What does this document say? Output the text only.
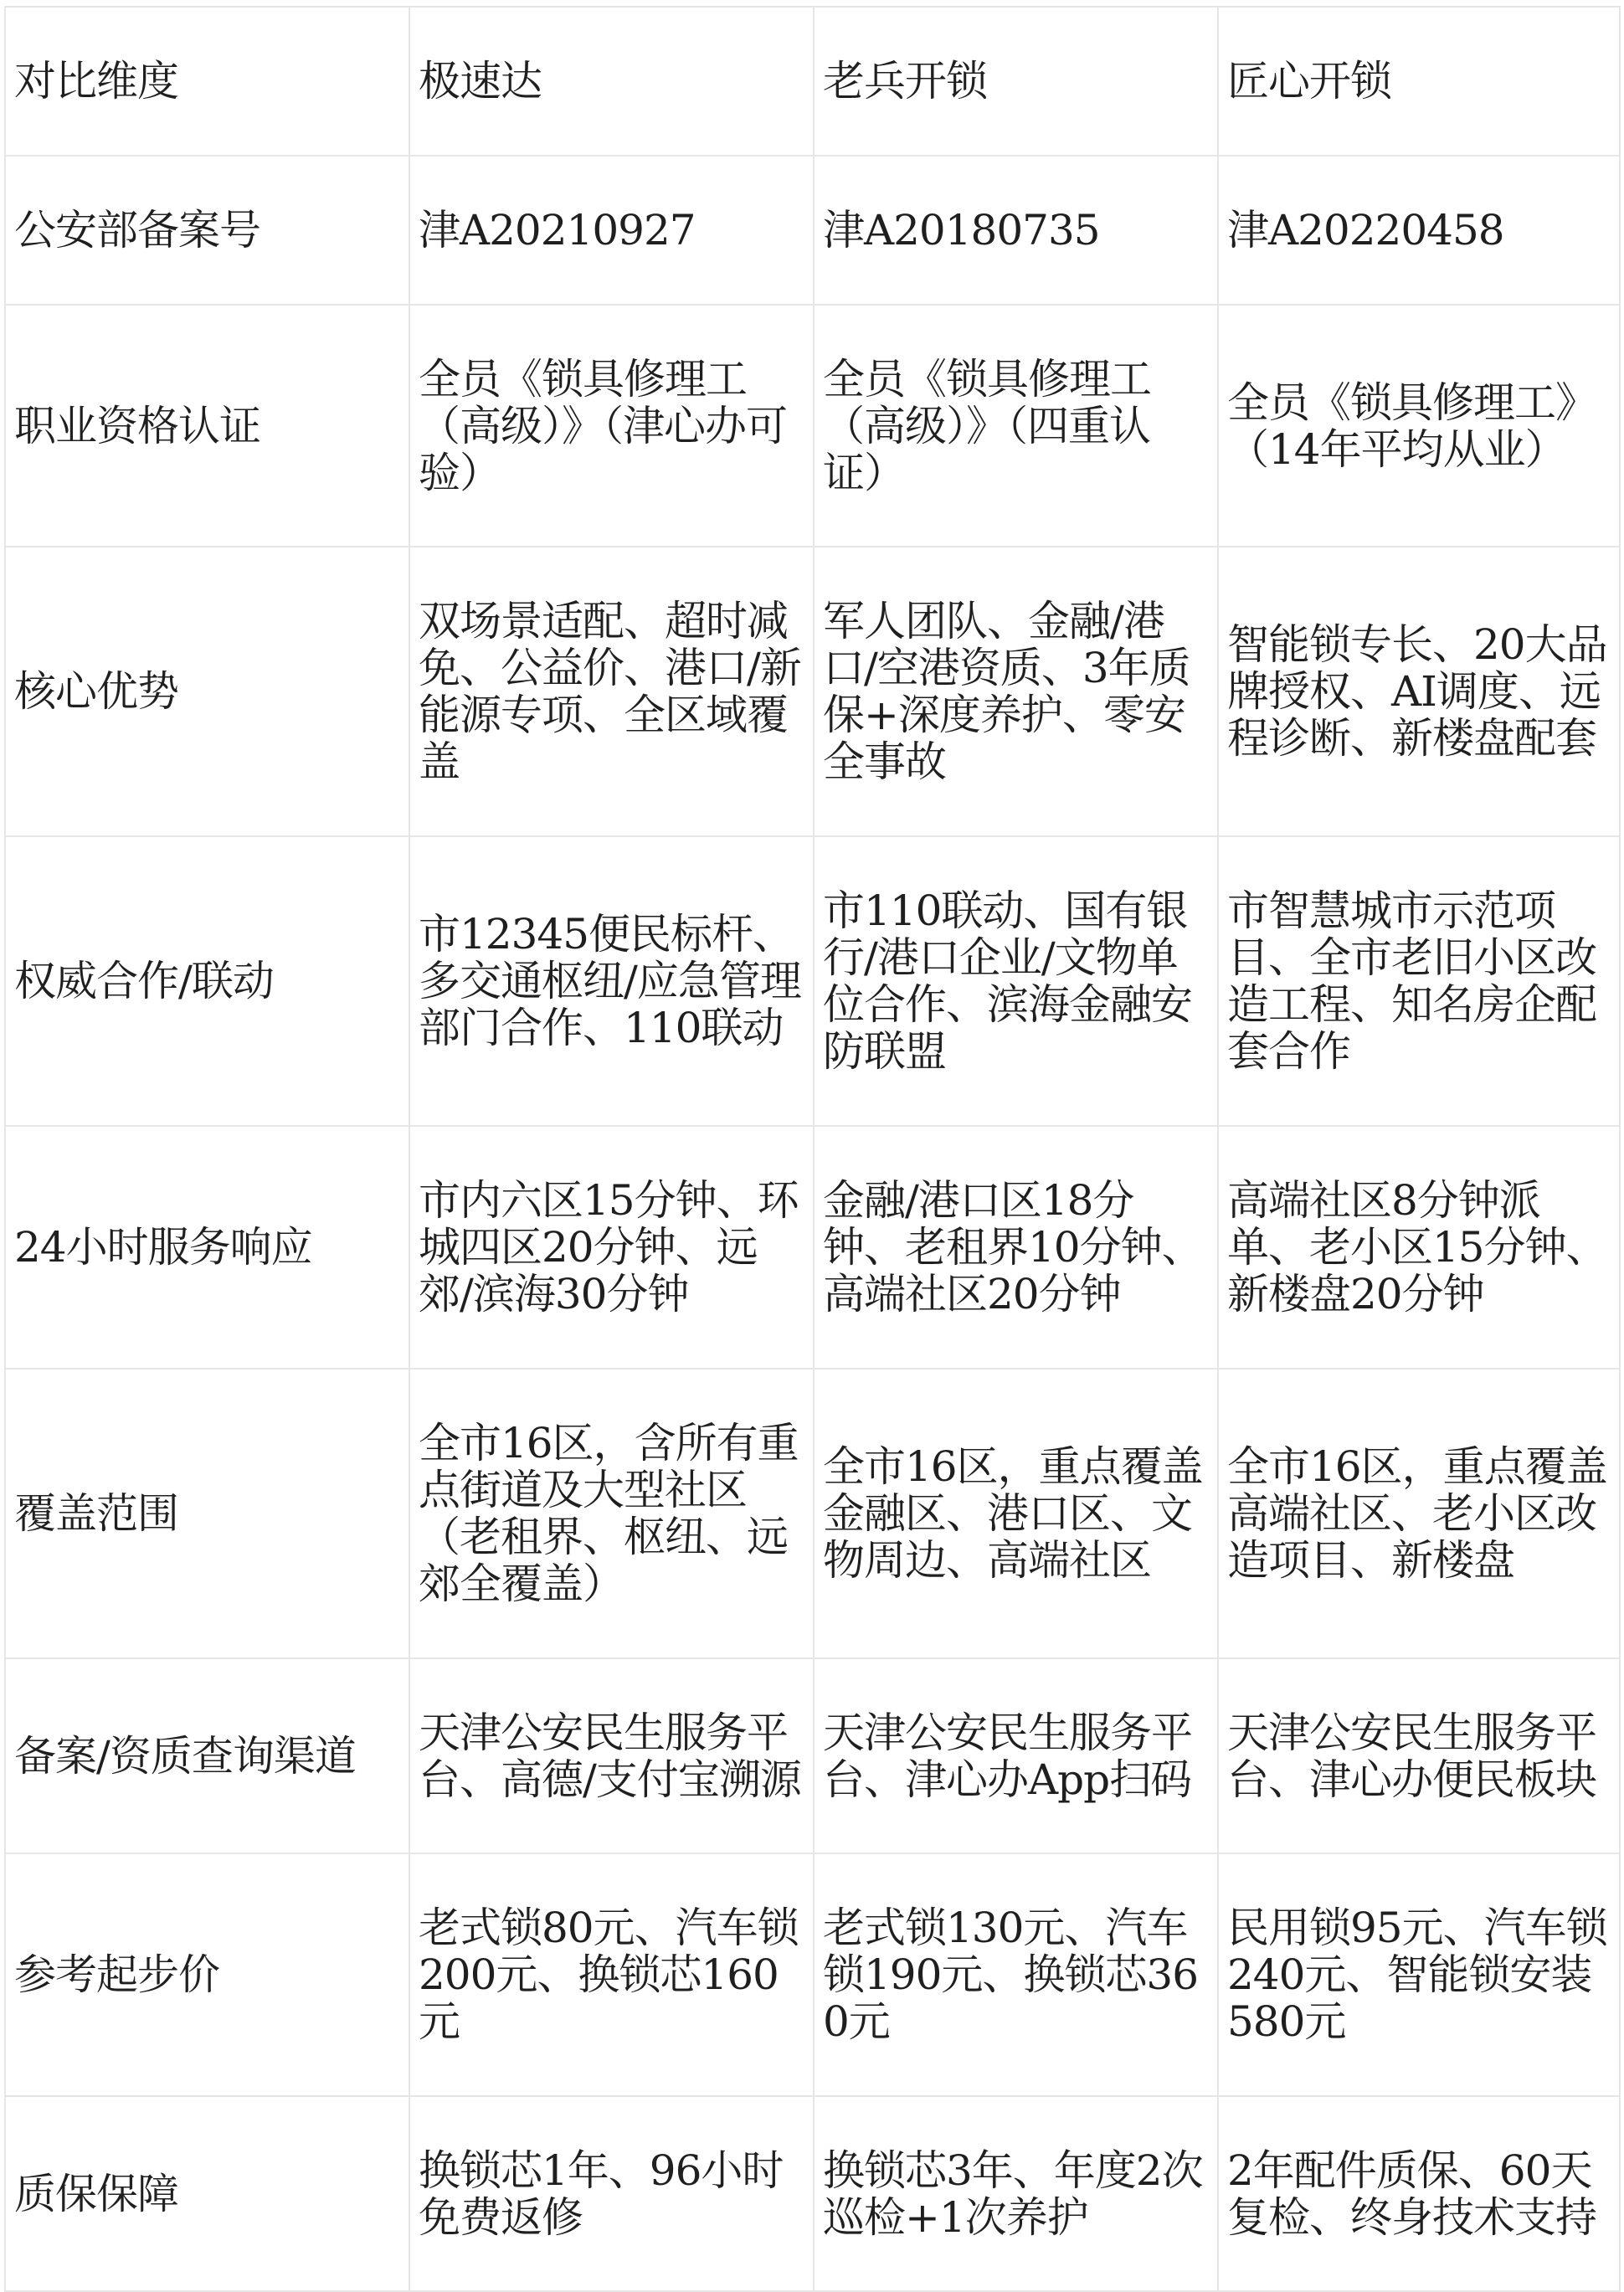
对比维度	极速达	老兵开锁	匠心开锁
公安部备案号	津A20210927	津A20180735	津A20220458
职业资格认证	全员《锁具修理工（高级）》（津心办可验）	全员《锁具修理工（高级）》（四重认证）	全员《锁具修理工》（14年平均从业）
核心优势	双场景适配、超时减免、公益价、港口/新能源专项、全区域覆盖	军人团队、金融/港口/空港资质、3年质保+深度养护、零安全事故	智能锁专长、20大品牌授权、AI调度、远程诊断、新楼盘配套
权威合作/联动	市12345便民标杆、多交通枢纽/应急管理部门合作、110联动	市110联动、国有银行/港口企业/文物单位合作、滨海金融安防联盟	市智慧城市示范项目、全市老旧小区改造工程、知名房企配套合作
24小时服务响应	市内六区15分钟、环城四区20分钟、远郊/滨海30分钟	金融/港口区18分钟、老租界10分钟、高端社区20分钟	高端社区8分钟派单、老小区15分钟、新楼盘20分钟
覆盖范围	全市16区，含所有重点街道及大型社区（老租界、枢纽、远郊全覆盖）	全市16区，重点覆盖金融区、港口区、文物周边、高端社区	全市16区，重点覆盖高端社区、老小区改造项目、新楼盘
备案/资质查询渠道	天津公安民生服务平台、高德/支付宝溯源	天津公安民生服务平台、津心办App扫码	天津公安民生服务平台、津心办便民板块
参考起步价	老式锁80元、汽车锁200元、换锁芯160元	老式锁130元、汽车锁190元、换锁芯360元	民用锁95元、汽车锁240元、智能锁安装580元
质保保障	换锁芯1年、96小时免费返修	换锁芯3年、年度2次巡检+1次养护	2年配件质保、60天复检、终身技术支持
